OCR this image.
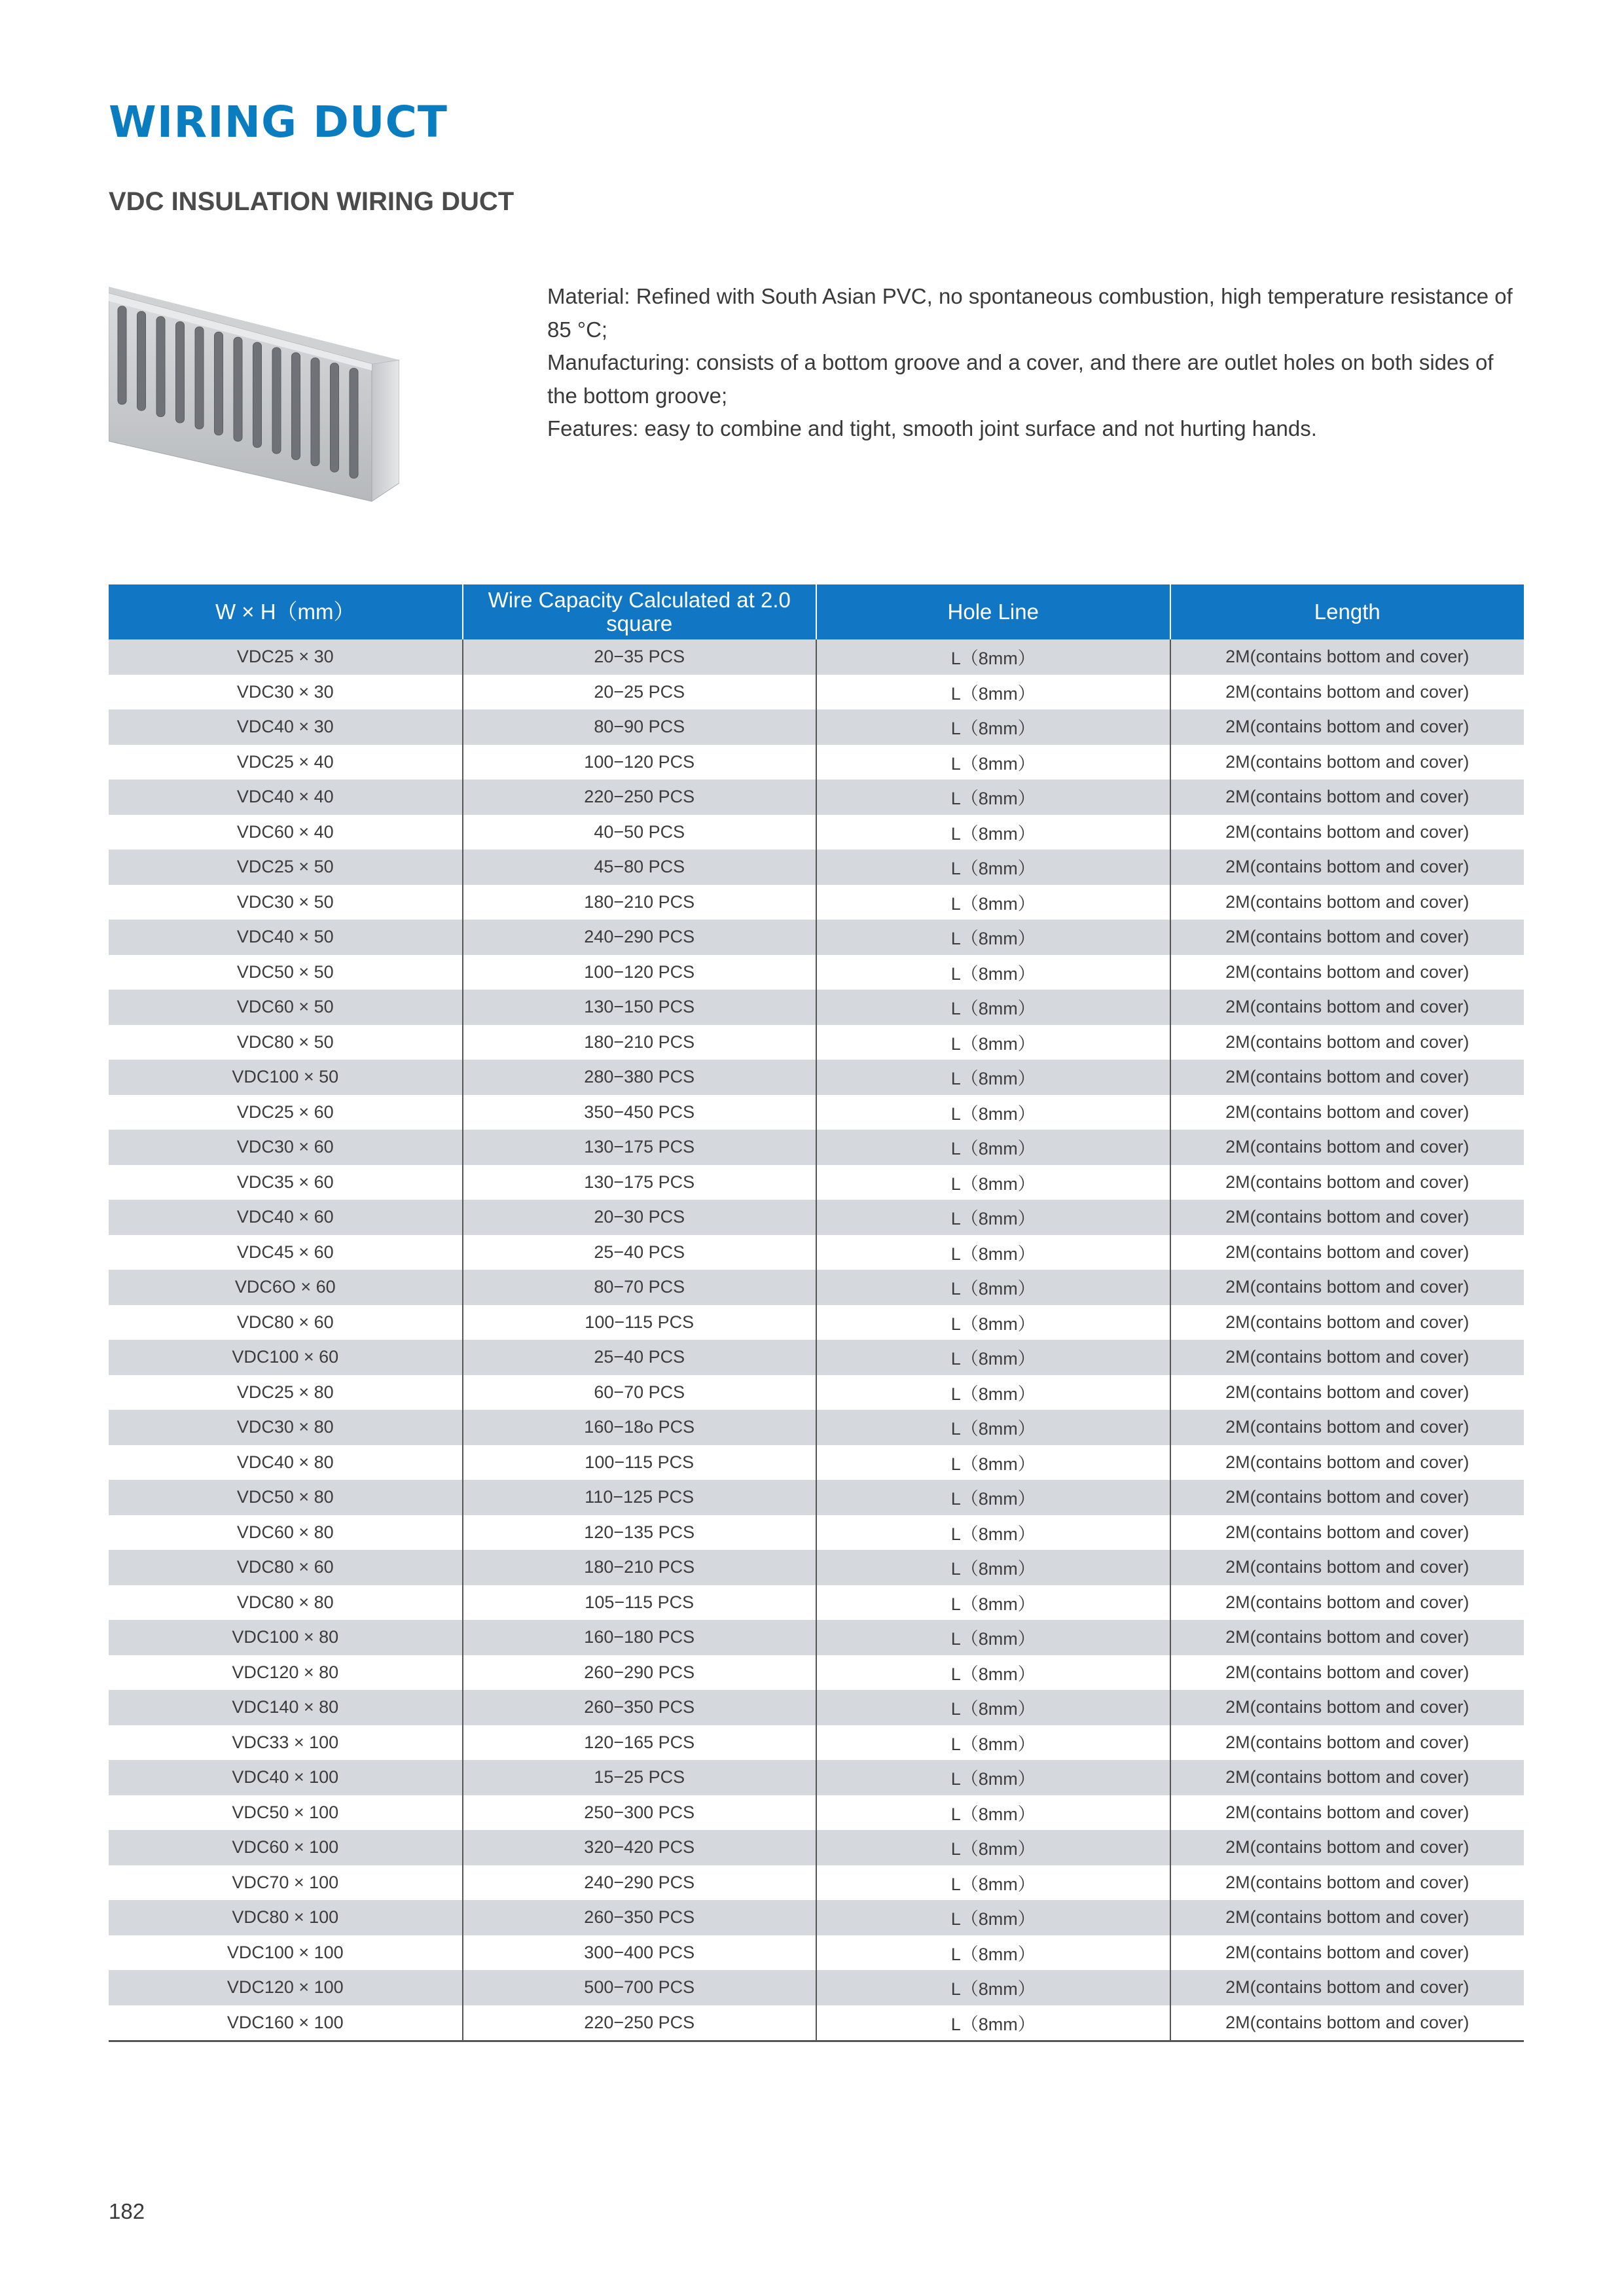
WIRING DUCT
VDC INSULATION WIRING DUCT

Material: Refined with South Asian PVC, no spontaneous combustion, high temperature resistance of 85 °C;

Manufacturing: consists of a bottom groove and a cover, and there are outlet holes on both sides of the bottom groove;

Features: easy to combine and tight, smooth joint surface and not hurting hands.

W × H（mm）	Wire Capacity Calculated at 2.0 square	Hole Line	Length
VDC25 × 30	20−35 PCS	L（8mm）	2M(contains bottom and cover)
VDC30 × 30	20−25 PCS	L（8mm）	2M(contains bottom and cover)
VDC40 × 30	80−90 PCS	L（8mm）	2M(contains bottom and cover)
VDC25 × 40	100−120 PCS	L（8mm）	2M(contains bottom and cover)
VDC40 × 40	220−250 PCS	L（8mm）	2M(contains bottom and cover)
VDC60 × 40	40−50 PCS	L（8mm）	2M(contains bottom and cover)
VDC25 × 50	45−80 PCS	L（8mm）	2M(contains bottom and cover)
VDC30 × 50	180−210 PCS	L（8mm）	2M(contains bottom and cover)
VDC40 × 50	240−290 PCS	L（8mm）	2M(contains bottom and cover)
VDC50 × 50	100−120 PCS	L（8mm）	2M(contains bottom and cover)
VDC60 × 50	130−150 PCS	L（8mm）	2M(contains bottom and cover)
VDC80 × 50	180−210 PCS	L（8mm）	2M(contains bottom and cover)
VDC100 × 50	280−380 PCS	L（8mm）	2M(contains bottom and cover)
VDC25 × 60	350−450 PCS	L（8mm）	2M(contains bottom and cover)
VDC30 × 60	130−175 PCS	L（8mm）	2M(contains bottom and cover)
VDC35 × 60	130−175 PCS	L（8mm）	2M(contains bottom and cover)
VDC40 × 60	20−30 PCS	L（8mm）	2M(contains bottom and cover)
VDC45 × 60	25−40 PCS	L（8mm）	2M(contains bottom and cover)
VDC6O × 60	80−70 PCS	L（8mm）	2M(contains bottom and cover)
VDC80 × 60	100−115 PCS	L（8mm）	2M(contains bottom and cover)
VDC100 × 60	25−40 PCS	L（8mm）	2M(contains bottom and cover)
VDC25 × 80	60−70 PCS	L（8mm）	2M(contains bottom and cover)
VDC30 × 80	160−18o PCS	L（8mm）	2M(contains bottom and cover)
VDC40 × 80	100−115 PCS	L（8mm）	2M(contains bottom and cover)
VDC50 × 80	110−125 PCS	L（8mm）	2M(contains bottom and cover)
VDC60 × 80	120−135 PCS	L（8mm）	2M(contains bottom and cover)
VDC80 × 60	180−210 PCS	L（8mm）	2M(contains bottom and cover)
VDC80 × 80	105−115 PCS	L（8mm）	2M(contains bottom and cover)
VDC100 × 80	160−180 PCS	L（8mm）	2M(contains bottom and cover)
VDC120 × 80	260−290 PCS	L（8mm）	2M(contains bottom and cover)
VDC140 × 80	260−350 PCS	L（8mm）	2M(contains bottom and cover)
VDC33 × 100	120−165 PCS	L（8mm）	2M(contains bottom and cover)
VDC40 × 100	15−25 PCS	L（8mm）	2M(contains bottom and cover)
VDC50 × 100	250−300 PCS	L（8mm）	2M(contains bottom and cover)
VDC60 × 100	320−420 PCS	L（8mm）	2M(contains bottom and cover)
VDC70 × 100	240−290 PCS	L（8mm）	2M(contains bottom and cover)
VDC80 × 100	260−350 PCS	L（8mm）	2M(contains bottom and cover)
VDC100 × 100	300−400 PCS	L（8mm）	2M(contains bottom and cover)
VDC120 × 100	500−700 PCS	L（8mm）	2M(contains bottom and cover)
VDC160 × 100	220−250 PCS	L（8mm）	2M(contains bottom and cover)
182
